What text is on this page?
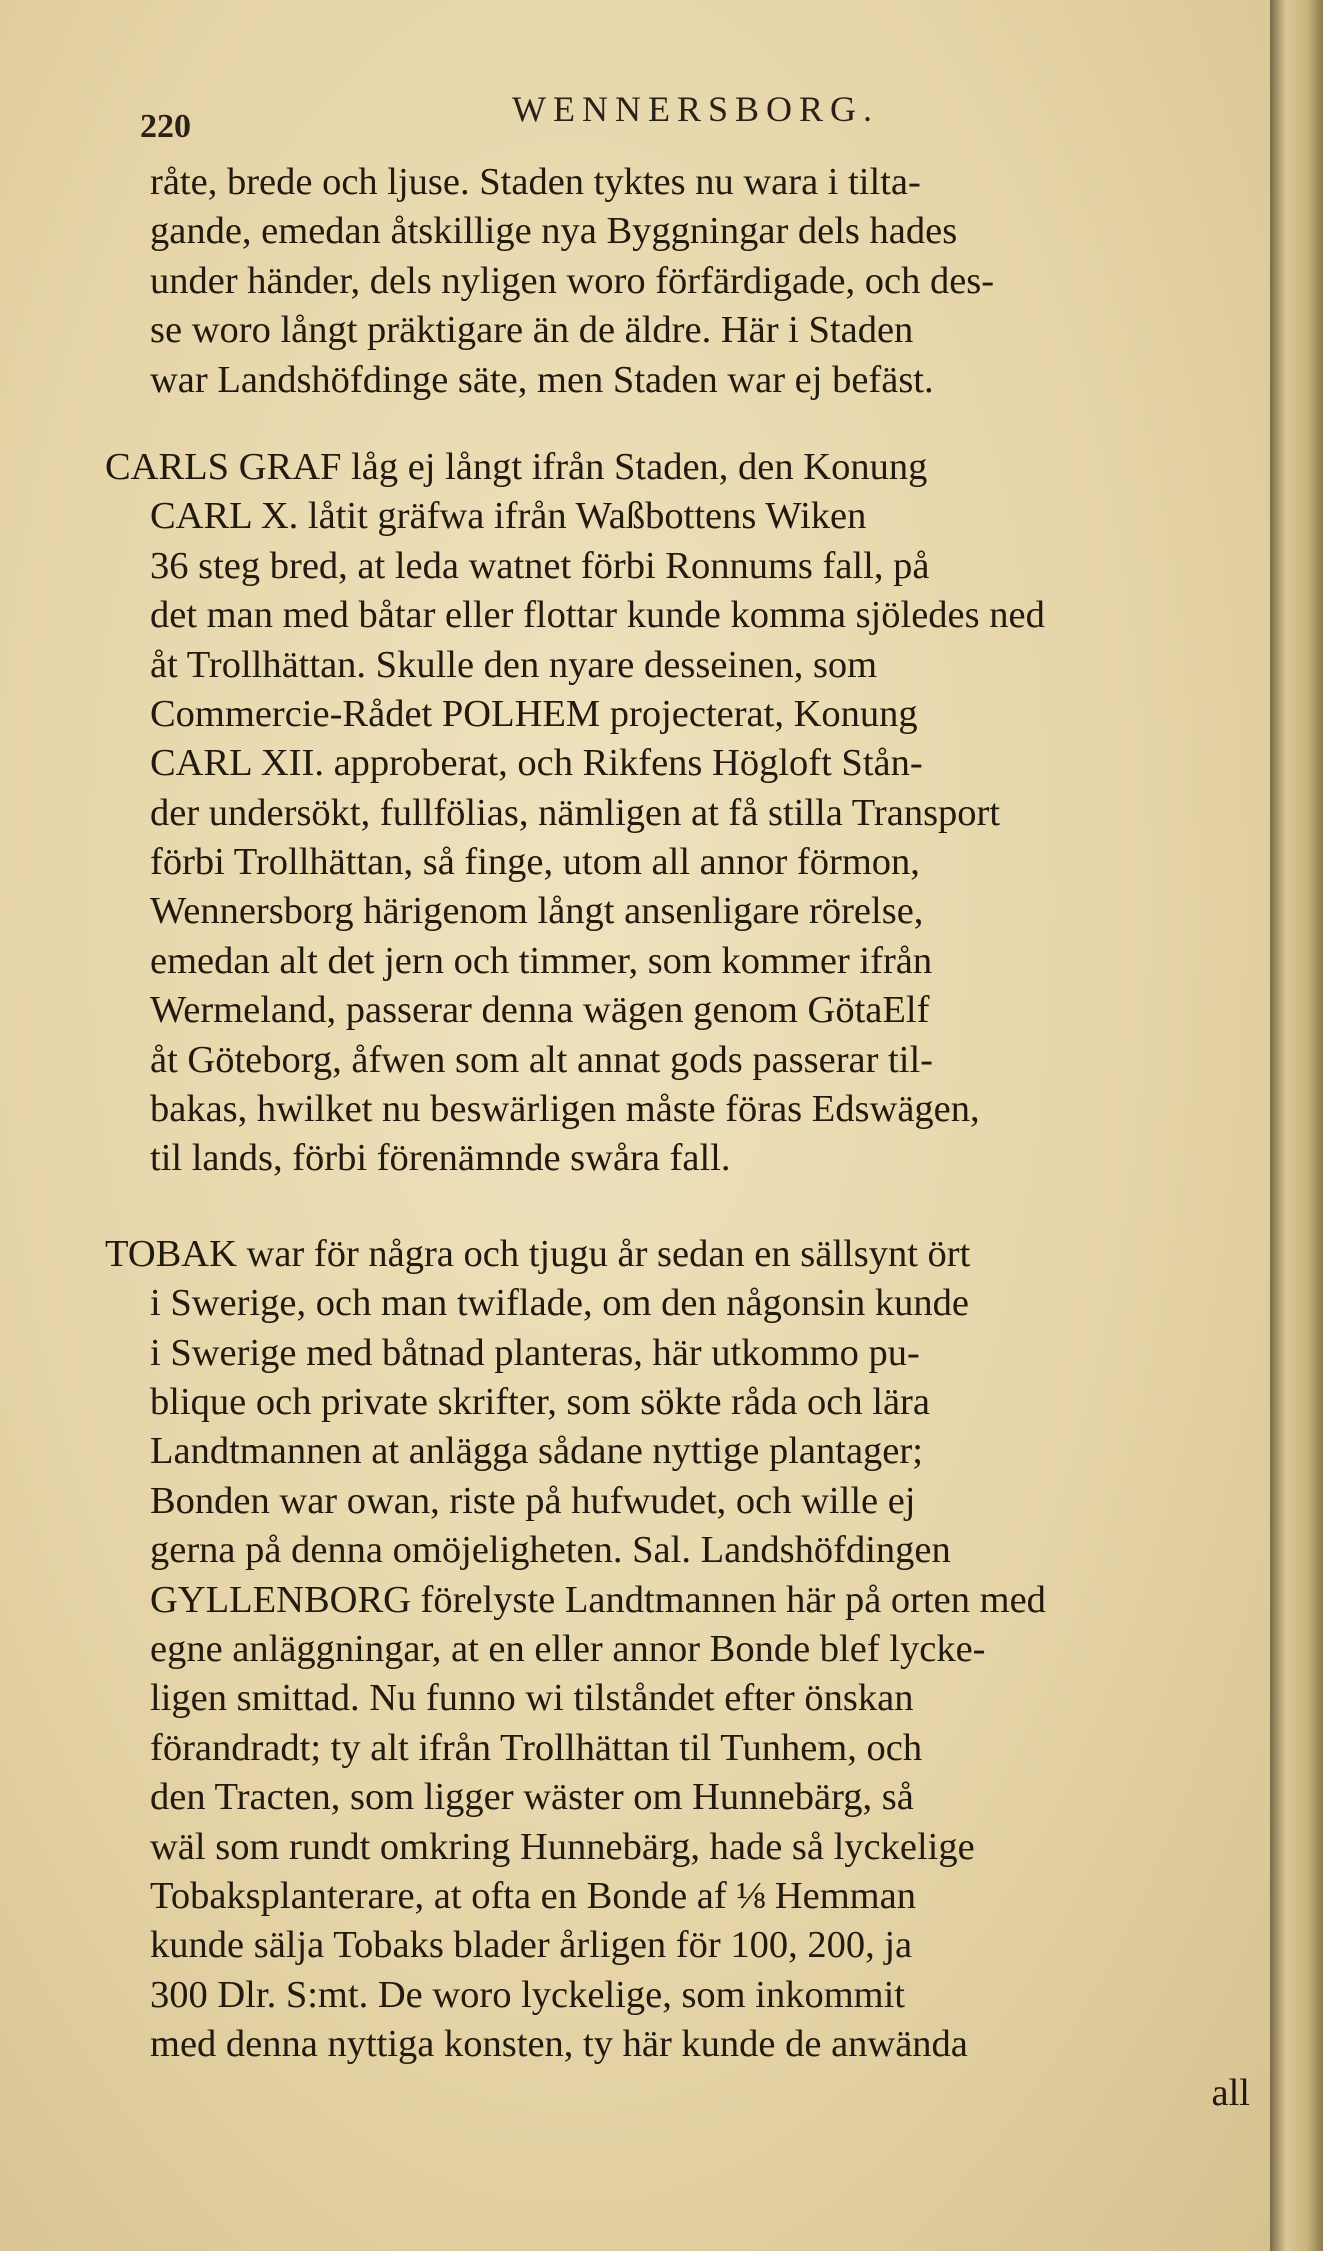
220	WENNERSBORG.
råte, brede och ljuse. Staden tyktes nu wara i tilta-
gande, emedan åtskillige nya Byggningar dels hades
under händer, dels nyligen woro förfärdigade, och des-
se woro långt präktigare än de äldre. Här i Staden
war Landshöfdinge säte, men Staden war ej befäst.
CARLS GRAF låg ej långt ifrån Staden, den Konung
CARL X. låtit gräfwa ifrån Waßbottens Wiken
36 steg bred, at leda watnet förbi Ronnums fall, på
det man med båtar eller flottar kunde komma sjöledes ned
åt Trollhättan. Skulle den nyare desseinen, som
Commercie-Rådet POLHEM projecterat, Konung
CARL XII. approberat, och Rikfens Högloft Stån-
der undersökt, fullfölias, nämligen at få stilla Transport
förbi Trollhättan, så finge, utom all annor förmon,
Wennersborg härigenom långt ansenligare rörelse,
emedan alt det jern och timmer, som kommer ifrån
Wermeland, passerar denna wägen genom GötaElf
åt Göteborg, åfwen som alt annat gods passerar til-
bakas, hwilket nu beswärligen måste föras Edswägen,
til lands, förbi förenämnde swåra fall.
TOBAK war för några och tjugu år sedan en sällsynt ört
i Swerige, och man twiflade, om den någonsin kunde
i Swerige med båtnad planteras, här utkommo pu-
blique och private skrifter, som sökte råda och lära
Landtmannen at anlägga sådane nyttige plantager;
Bonden war owan, riste på hufwudet, och wille ej
gerna på denna omöjeligheten. Sal. Landshöfdingen
GYLLENBORG förelyste Landtmannen här på orten med
egne anläggningar, at en eller annor Bonde blef lycke-
ligen smittad. Nu funno wi tilståndet efter önskan
förandradt; ty alt ifrån Trollhättan til Tunhem, och
den Tracten, som ligger wäster om Hunnebärg, så
wäl som rundt omkring Hunnebärg, hade så lyckelige
Tobaksplanterare, at ofta en Bonde af ⅛ Hemman
kunde sälja Tobaks blader årligen för 100, 200, ja
300 Dlr. S:mt. De woro lyckelige, som inkommit
med denna nyttiga konsten, ty här kunde de anwända
all
